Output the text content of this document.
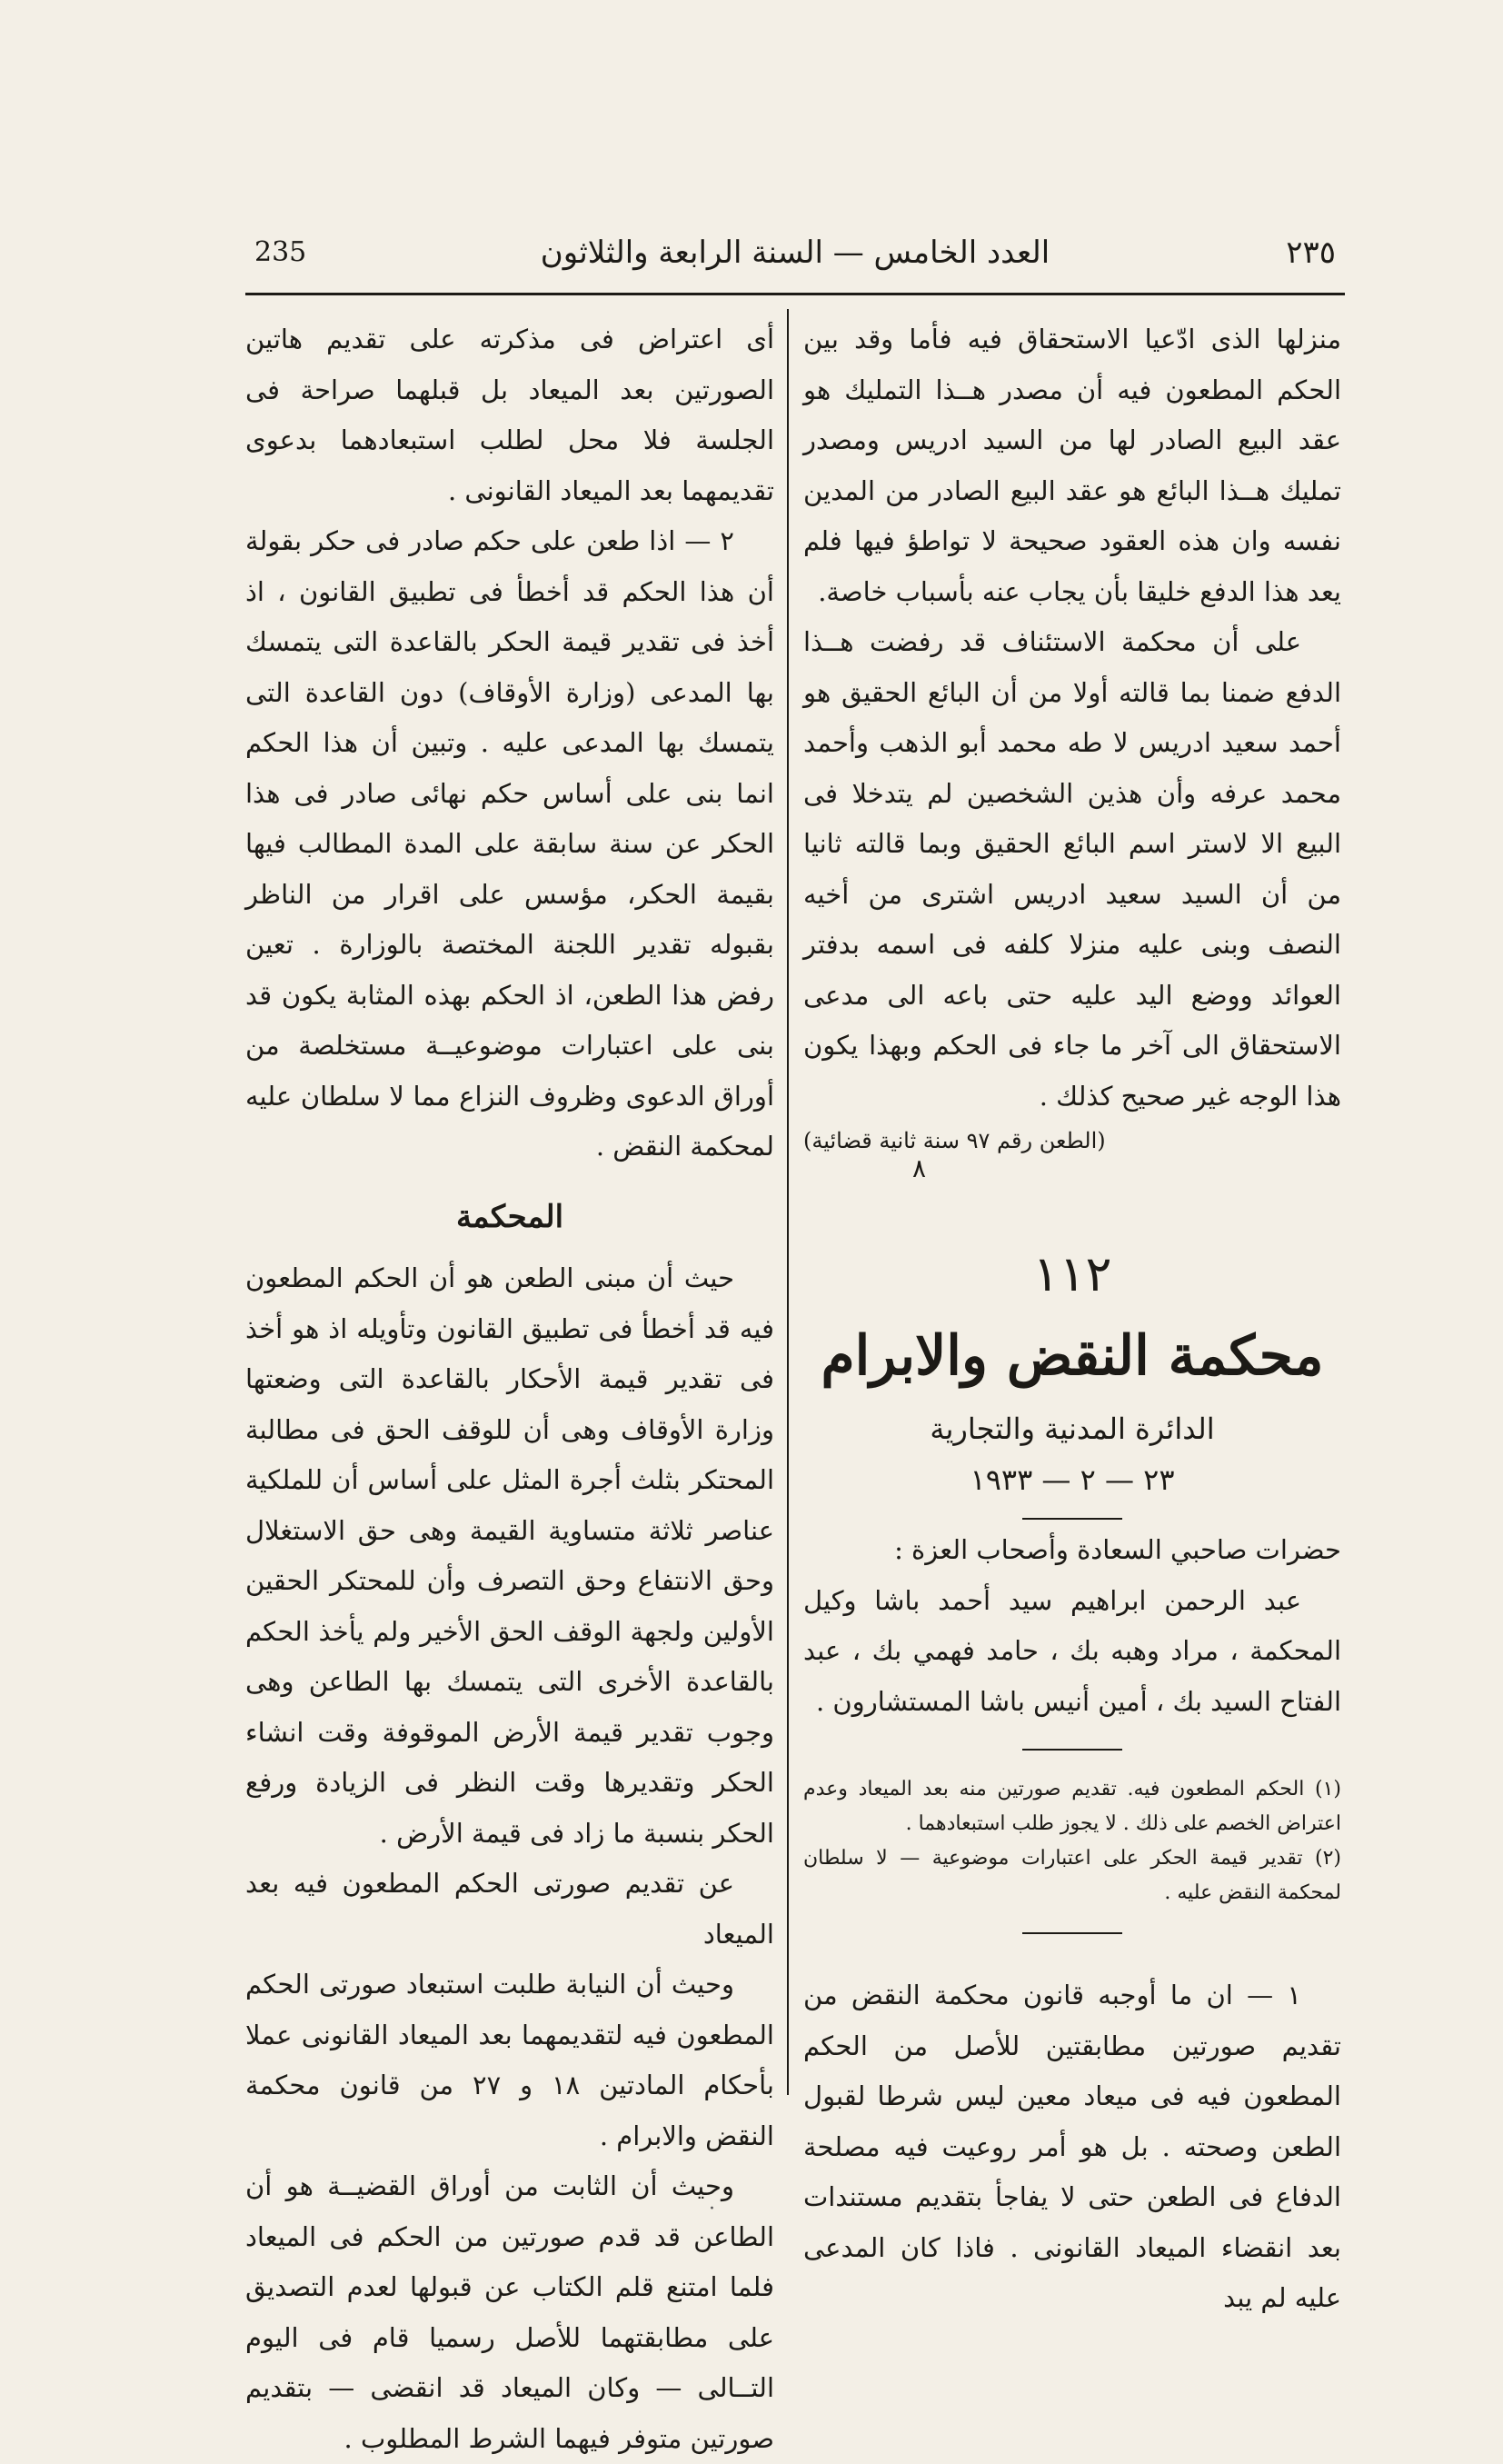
٢٣٥
العدد الخامس — السنة الرابعة والثلاثون
235

منزلها الذى ادّعيا الاستحقاق فيه فأما وقد بين الحكم المطعون فيه أن مصدر هــذا التمليك هو عقد البيع الصادر لها من السيد ادريس ومصدر تمليك هــذا البائع هو عقد البيع الصادر من المدين نفسه وان هذه العقود صحيحة لا تواطؤ فيها فلم يعد هذا الدفع خليقا بأن يجاب عنه بأسباب خاصة.

على أن محكمة الاستئناف قد رفضت هــذا الدفع ضمنا بما قالته أولا من أن البائع الحقيق هو أحمد سعيد ادريس لا طه محمد أبو الذهب وأحمد محمد عرفه وأن هذين الشخصين لم يتدخلا فى البيع الا لاستر اسم البائع الحقيق وبما قالته ثانيا من أن السيد سعيد ادريس اشترى من أخيه النصف وبنى عليه منزلا كلفه فى اسمه بدفتر العوائد ووضع اليد عليه حتى باعه الى مدعى الاستحقاق الى آخر ما جاء فى الحكم وبهذا يكون هذا الوجه غير صحيح كذلك .

(الطعن رقم ٩٧ سنة ثانية قضائية)

٨

١١٢

محكمة النقض والابرام

الدائرة المدنية والتجارية

٢٣ — ٢ — ١٩٣٣

حضرات صاحبي السعادة وأصحاب العزة :

عبد الرحمن ابراهيم سيد أحمد باشا وكيل المحكمة ، مراد وهبه بك ، حامد فهمي بك ، عبد الفتاح السيد بك ، أمين أنيس باشا المستشارون .

(١) الحكم المطعون فيه. تقديم صورتين منه بعد الميعاد وعدم اعتراض الخصم على ذلك . لا يجوز طلب استبعادهما .

(٢) تقدير قيمة الحكر على اعتبارات موضوعية — لا سلطان لمحكمة النقض عليه .

١ — ان ما أوجبه قانون محكمة النقض من تقديم صورتين مطابقتين للأصل من الحكم المطعون فيه فى ميعاد معين ليس شرطا لقبول الطعن وصحته . بل هو أمر روعيت فيه مصلحة الدفاع فى الطعن حتى لا يفاجأ بتقديم مستندات بعد انقضاء الميعاد القانونى . فاذا كان المدعى عليه لم يبد

أى اعتراض فى مذكرته على تقديم هاتين الصورتين بعد الميعاد بل قبلهما صراحة فى الجلسة فلا محل لطلب استبعادهما بدعوى تقديمهما بعد الميعاد القانونى .

٢ — اذا طعن على حكم صادر فى حكر بقولة أن هذا الحكم قد أخطأ فى تطبيق القانون ، اذ أخذ فى تقدير قيمة الحكر بالقاعدة التى يتمسك بها المدعى (وزارة الأوقاف) دون القاعدة التى يتمسك بها المدعى عليه . وتبين أن هذا الحكم انما بنى على أساس حكم نهائى صادر فى هذا الحكر عن سنة سابقة على المدة المطالب فيها بقيمة الحكر، مؤسس على اقرار من الناظر بقبوله تقدير اللجنة المختصة بالوزارة . تعين رفض هذا الطعن، اذ الحكم بهذه المثابة يكون قد بنى على اعتبارات موضوعيــة مستخلصة من أوراق الدعوى وظروف النزاع مما لا سلطان عليه لمحكمة النقض .

المحكمة

حيث أن مبنى الطعن هو أن الحكم المطعون فيه قد أخطأ فى تطبيق القانون وتأويله اذ هو أخذ فى تقدير قيمة الأحكار بالقاعدة التى وضعتها وزارة الأوقاف وهى أن للوقف الحق فى مطالبة المحتكر بثلث أجرة المثل على أساس أن للملكية عناصر ثلاثة متساوية القيمة وهى حق الاستغلال وحق الانتفاع وحق التصرف وأن للمحتكر الحقين الأولين ولجهة الوقف الحق الأخير ولم يأخذ الحكم بالقاعدة الأخرى التى يتمسك بها الطاعن وهى وجوب تقدير قيمة الأرض الموقوفة وقت انشاء الحكر وتقديرها وقت النظر فى الزيادة ورفع الحكر بنسبة ما زاد فى قيمة الأرض .

عن تقديم صورتى الحكم المطعون فيه بعد الميعاد

وحيث أن النيابة طلبت استبعاد صورتى الحكم المطعون فيه لتقديمهما بعد الميعاد القانونى عملا بأحكام المادتين ١٨ و ٢٧ من قانون محكمة النقض والابرام .

وحيث أن الثابت من أوراق القضيــة هو أن الطاعن قد قدم صورتين من الحكم فى الميعاد فلما امتنع قلم الكتاب عن قبولها لعدم التصديق على مطابقتهما للأصل رسميا قام فى اليوم التــالى — وكان الميعاد قد انقضى — بتقديم صورتين متوفر فيهما الشرط المطلوب .

·
